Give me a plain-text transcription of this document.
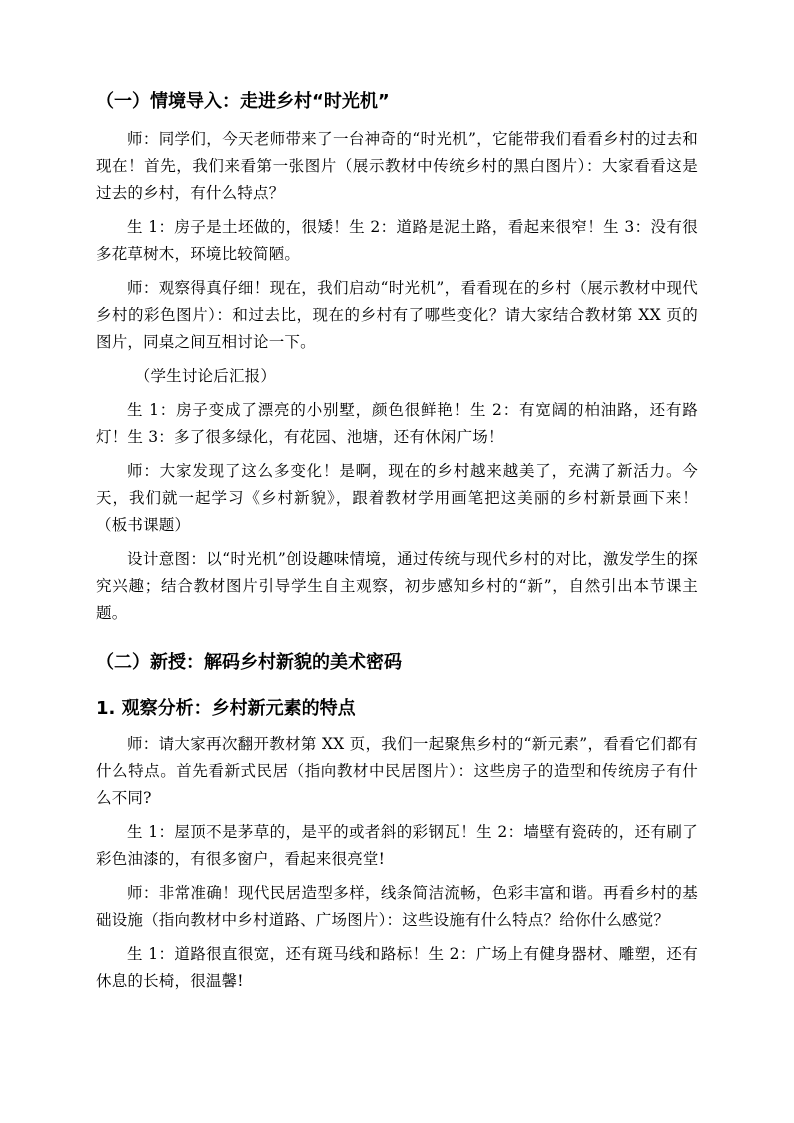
（一）情境导入：走进乡村“时光机”

师：同学们，今天老师带来了一台神奇的“时光机”，它能带我们看看乡村的过去和现在！首先，我们来看第一张图片（展示教材中传统乡村的黑白图片）：大家看看这是过去的乡村，有什么特点？

生 1：房子是土坯做的，很矮！生 2：道路是泥土路，看起来很窄！生 3：没有很多花草树木，环境比较简陋。

师：观察得真仔细！现在，我们启动“时光机”，看看现在的乡村（展示教材中现代乡村的彩色图片）：和过去比，现在的乡村有了哪些变化？请大家结合教材第 XX 页的图片，同桌之间互相讨论一下。

（学生讨论后汇报）

生 1：房子变成了漂亮的小别墅，颜色很鲜艳！生 2：有宽阔的柏油路，还有路灯！生 3：多了很多绿化，有花园、池塘，还有休闲广场！

师：大家发现了这么多变化！是啊，现在的乡村越来越美了，充满了新活力。今天，我们就一起学习《乡村新貌》，跟着教材学用画笔把这美丽的乡村新景画下来！（板书课题）

设计意图：以“时光机”创设趣味情境，通过传统与现代乡村的对比，激发学生的探究兴趣；结合教材图片引导学生自主观察，初步感知乡村的“新”，自然引出本节课主题。

（二）新授：解码乡村新貌的美术密码
1. 观察分析：乡村新元素的特点

师：请大家再次翻开教材第 XX 页，我们一起聚焦乡村的“新元素”，看看它们都有什么特点。首先看新式民居（指向教材中民居图片）：这些房子的造型和传统房子有什么不同?

生 1：屋顶不是茅草的，是平的或者斜的彩钢瓦！生 2：墙壁有瓷砖的，还有刷了彩色油漆的，有很多窗户，看起来很亮堂!

师：非常准确！现代民居造型多样，线条简洁流畅，色彩丰富和谐。再看乡村的基础设施（指向教材中乡村道路、广场图片）：这些设施有什么特点？给你什么感觉？

生 1：道路很直很宽，还有斑马线和路标！生 2：广场上有健身器材、雕塑，还有休息的长椅，很温馨!
